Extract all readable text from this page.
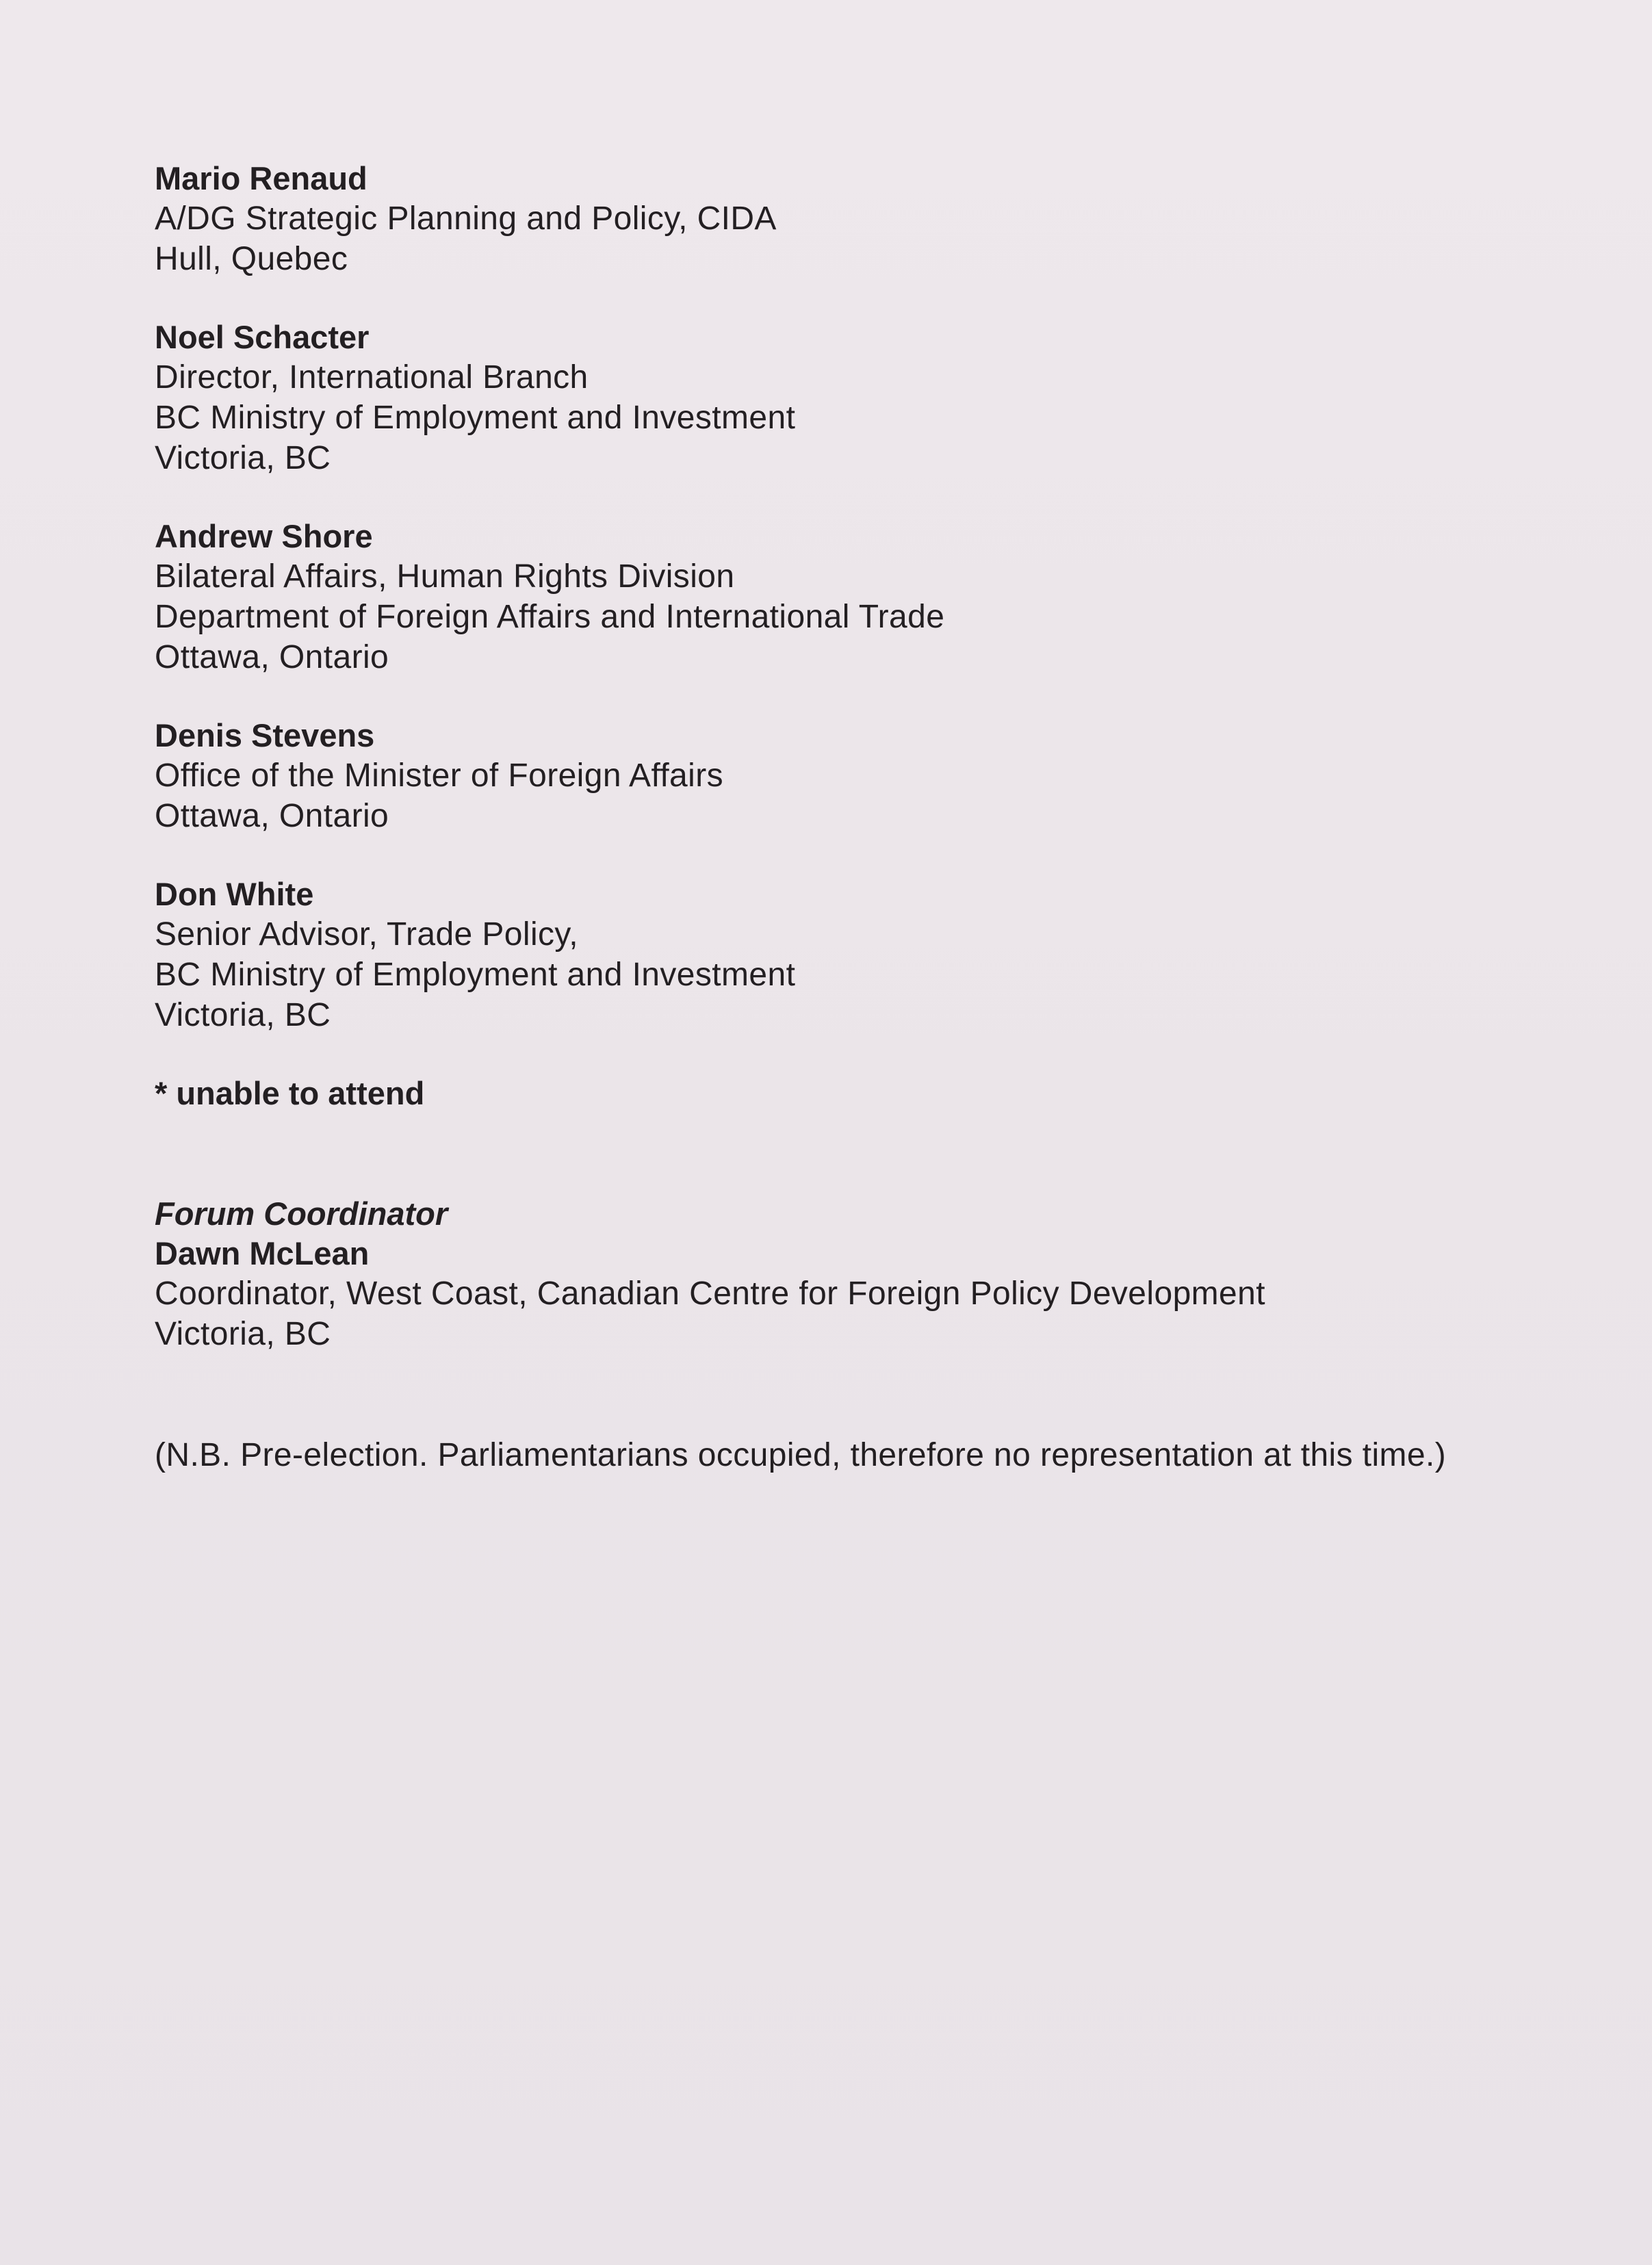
Mario Renaud

A/DG Strategic Planning and Policy, CIDA

Hull, Quebec

Noel Schacter

Director, International Branch

BC Ministry of Employment and Investment

Victoria, BC

Andrew Shore

Bilateral Affairs, Human Rights Division

Department of Foreign Affairs and International Trade

Ottawa, Ontario

Denis Stevens

Office of the Minister of Foreign Affairs

Ottawa, Ontario

Don White

Senior Advisor, Trade Policy,

BC Ministry of Employment and Investment

Victoria, BC

* unable to attend

Forum Coordinator

Dawn McLean

Coordinator, West Coast, Canadian Centre for Foreign Policy Development

Victoria, BC

(N.B. Pre-election. Parliamentarians occupied, therefore no representation at this time.)
